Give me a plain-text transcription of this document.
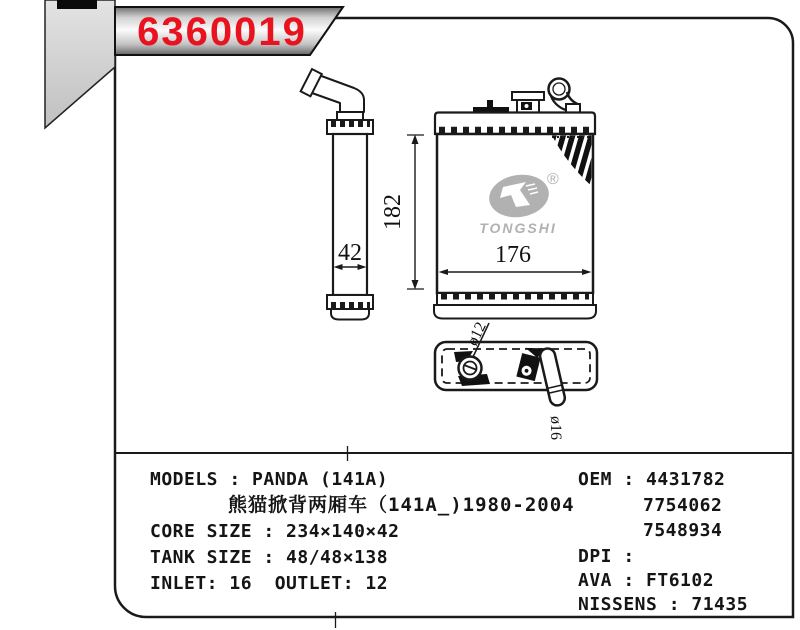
6360019
42
182
®
TONGSHI
176
ø12
ø16
MODELS : PANDA (141A)
熊猫掀背两厢车（141A_)1980-2004
CORE SIZE : 234×140×42
TANK SIZE : 48/48×138
INLET: 16  OUTLET: 12
OEM : 4431782
7754062
7548934
DPI :
AVA : FT6102
NISSENS : 71435
